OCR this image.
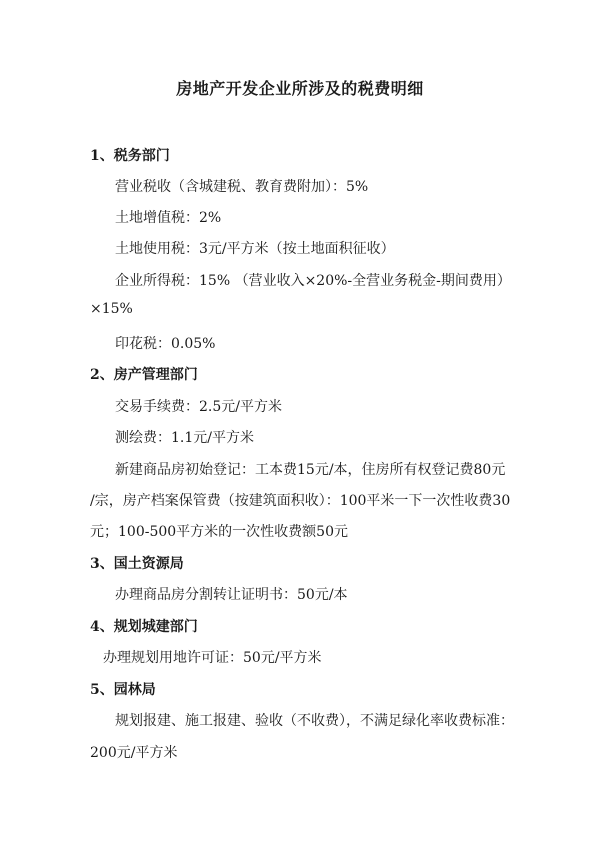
房地产开发企业所涉及的税费明细
1、税务部门
营业税收（含城建税、教育费附加）：5%
土地增值税：2%
土地使用税：3元/平方米（按土地面积征收）
企业所得税：15% （营业收入×20%-全营业务税金-期间费用）
×15%
印花税：0.05%
2、房产管理部门
交易手续费：2.5元/平方米
测绘费：1.1元/平方米
新建商品房初始登记：工本费15元/本，住房所有权登记费80元
/宗，房产档案保管费（按建筑面积收）：100平米一下一次性收费30
元；100-500平方米的一次性收费额50元
3、国土资源局
办理商品房分割转让证明书：50元/本
4、规划城建部门
办理规划用地许可证：50元/平方米
5、园林局
规划报建、施工报建、验收（不收费），不满足绿化率收费标准：
200元/平方米
